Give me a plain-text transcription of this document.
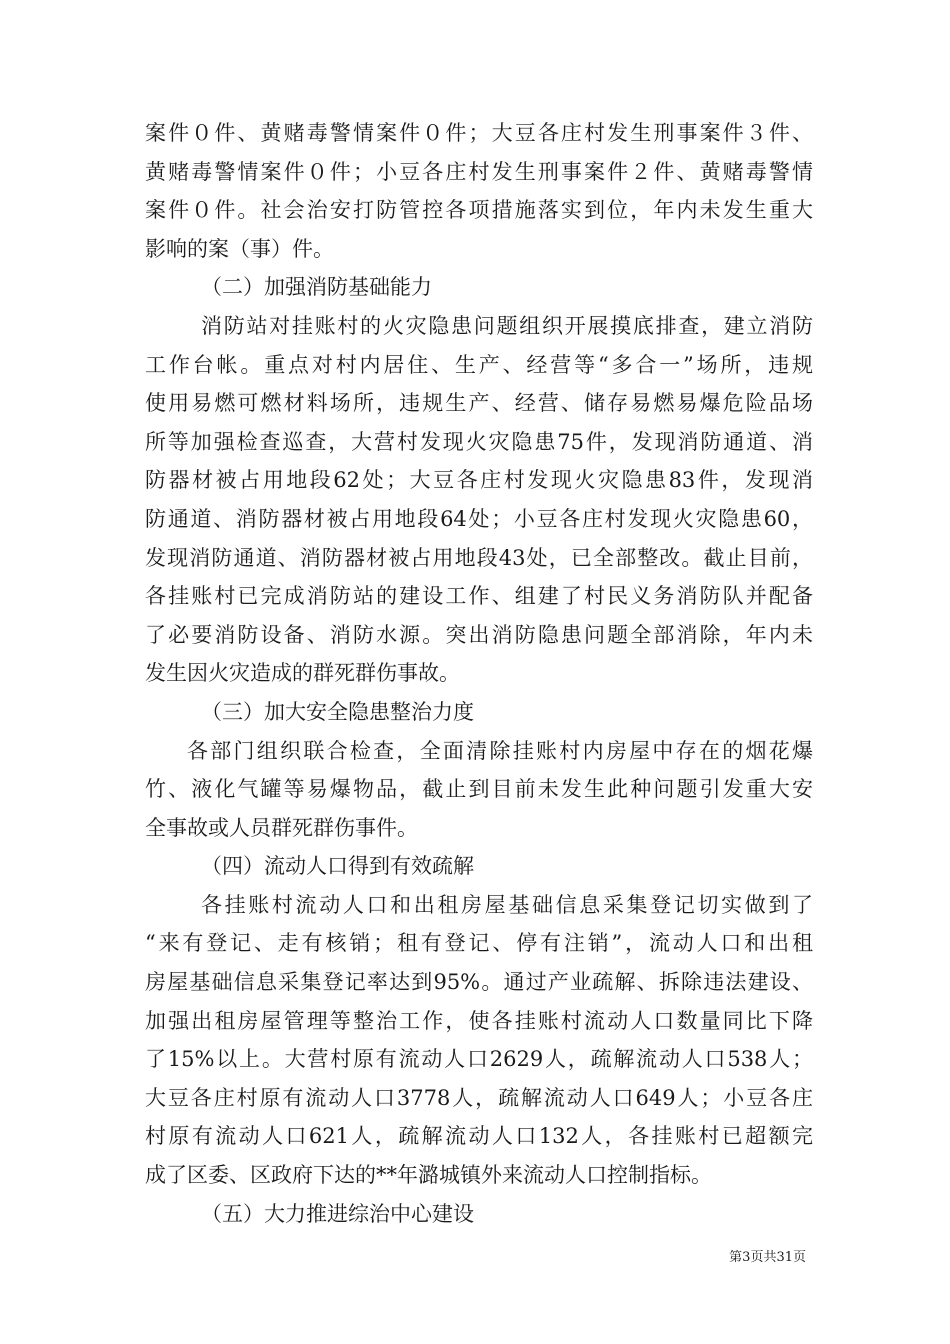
案件０件、黄赌毒警情案件０件；大豆各庄村发生刑事案件３件、
黄赌毒警情案件０件；小豆各庄村发生刑事案件２件、黄赌毒警情
案件０件。社会治安打防管控各项措施落实到位，年内未发生重大
影响的案（事）件。
（二）加强消防基础能力
消防站对挂账村的火灾隐患问题组织开展摸底排查，建立消防
工作台帐。重点对村内居住、生产、经营等“多合一”场所，违规
使用易燃可燃材料场所，违规生产、经营、储存易燃易爆危险品场
所等加强检查巡查，大营村发现火灾隐患75件，发现消防通道、消
防器材被占用地段62处；大豆各庄村发现火灾隐患83件，发现消
防通道、消防器材被占用地段64处；小豆各庄村发现火灾隐患60，
发现消防通道、消防器材被占用地段43处，已全部整改。截止目前，
各挂账村已完成消防站的建设工作、组建了村民义务消防队并配备
了必要消防设备、消防水源。突出消防隐患问题全部消除，年内未
发生因火灾造成的群死群伤事故。
（三）加大安全隐患整治力度
各部门组织联合检查，全面清除挂账村内房屋中存在的烟花爆
竹、液化气罐等易爆物品，截止到目前未发生此种问题引发重大安
全事故或人员群死群伤事件。
（四）流动人口得到有效疏解
各挂账村流动人口和出租房屋基础信息采集登记切实做到了
“来有登记、走有核销；租有登记、停有注销”，流动人口和出租
房屋基础信息采集登记率达到95%。通过产业疏解、拆除违法建设、
加强出租房屋管理等整治工作，使各挂账村流动人口数量同比下降
了15%以上。大营村原有流动人口2629人，疏解流动人口538人；
大豆各庄村原有流动人口3778人，疏解流动人口649人；小豆各庄
村原有流动人口621人，疏解流动人口132人，各挂账村已超额完
成了区委、区政府下达的**年潞城镇外来流动人口控制指标。
（五）大力推进综治中心建设
第3页共31页
